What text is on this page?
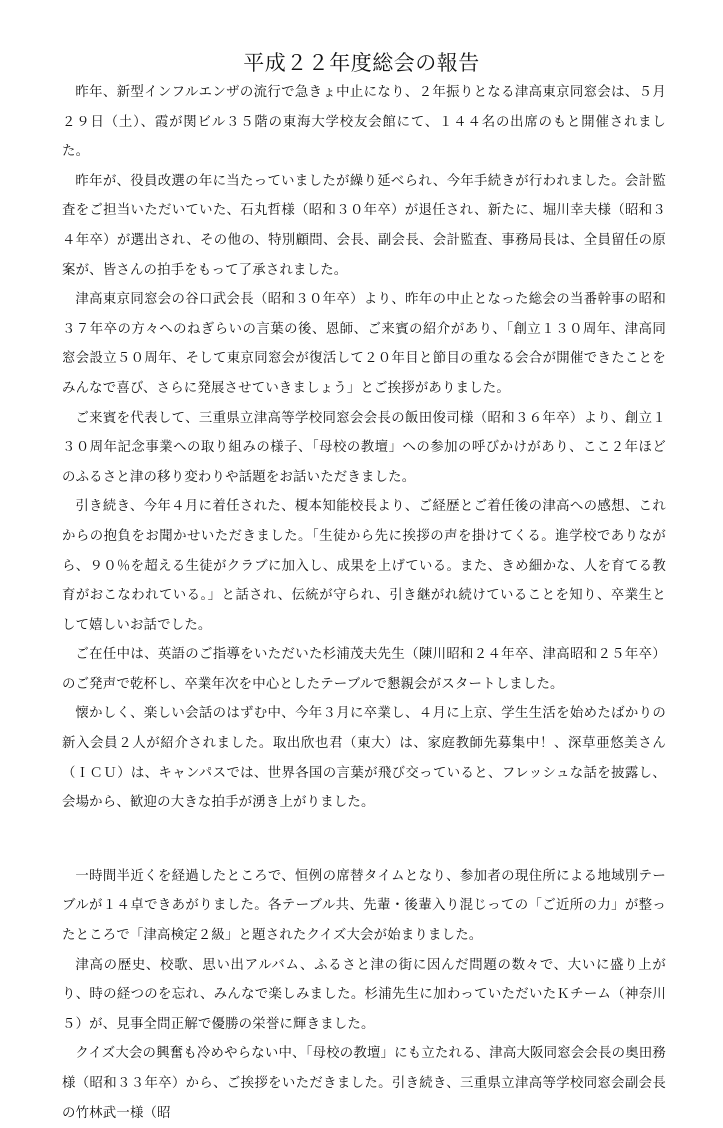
平成２２年度総会の報告

昨年、新型インフルエンザの流行で急きょ中止になり、２年振りとなる津高東京同窓会は、５月２９日（土）、霞が関ビル３５階の東海大学校友会館にて、１４４名の出席のもと開催されました。

昨年が、役員改選の年に当たっていましたが繰り延べられ、今年手続きが行われました。会計監査をご担当いただいていた、石丸哲様（昭和３０年卒）が退任され、新たに、堀川幸夫様（昭和３４年卒）が選出され、その他の、特別顧問、会長、副会長、会計監査、事務局長は、全員留任の原案が、皆さんの拍手をもって了承されました。

津高東京同窓会の谷口武会長（昭和３０年卒）より、昨年の中止となった総会の当番幹事の昭和３７年卒の方々へのねぎらいの言葉の後、恩師、ご来賓の紹介があり、「創立１３０周年、津高同窓会設立５０周年、そして東京同窓会が復活して２０年目と節目の重なる会合が開催できたことをみんなで喜び、さらに発展させていきましょう」とご挨拶がありました。

ご来賓を代表して、三重県立津高等学校同窓会会長の飯田俊司様（昭和３６年卒）より、創立１３０周年記念事業への取り組みの様子、「母校の教壇」への参加の呼びかけがあり、ここ２年ほどのふるさと津の移り変わりや話題をお話いただきました。

引き続き、今年４月に着任された、榎本知能校長より、ご経歴とご着任後の津高への感想、これからの抱負をお聞かせいただきました。「生徒から先に挨拶の声を掛けてくる。進学校でありながら、９０％を超える生徒がクラブに加入し、成果を上げている。また、きめ細かな、人を育てる教育がおこなわれている。」と話され、伝統が守られ、引き継がれ続けていることを知り、卒業生として嬉しいお話でした。

ご在任中は、英語のご指導をいただいた杉浦茂夫先生（陳川昭和２４年卒、津高昭和２５年卒）のご発声で乾杯し、卒業年次を中心としたテーブルで懇親会がスタートしました。

懐かしく、楽しい会話のはずむ中、今年３月に卒業し、４月に上京、学生生活を始めたばかりの新入会員２人が紹介されました。取出欣也君（東大）は、家庭教師先募集中！、深草亜悠美さん（ＩＣＵ）は、キャンパスでは、世界各国の言葉が飛び交っていると、フレッシュな話を披露し、会場から、歓迎の大きな拍手が湧き上がりました。

一時間半近くを経過したところで、恒例の席替タイムとなり、参加者の現住所による地域別テーブルが１４卓できあがりました。各テーブル共、先輩・後輩入り混じっての「ご近所の力」が整ったところで「津高検定２級」と題されたクイズ大会が始まりました。

津高の歴史、校歌、思い出アルバム、ふるさと津の街に因んだ問題の数々で、大いに盛り上がり、時の経つのを忘れ、みんなで楽しみました。杉浦先生に加わっていただいたＫチーム（神奈川５）が、見事全問正解で優勝の栄誉に輝きました。

クイズ大会の興奮も冷めやらない中、「母校の教壇」にも立たれる、津高大阪同窓会会長の奥田務様（昭和３３年卒）から、ご挨拶をいただきました。引き続き、三重県立津高等学校同窓会副会長の竹林武一様（昭
